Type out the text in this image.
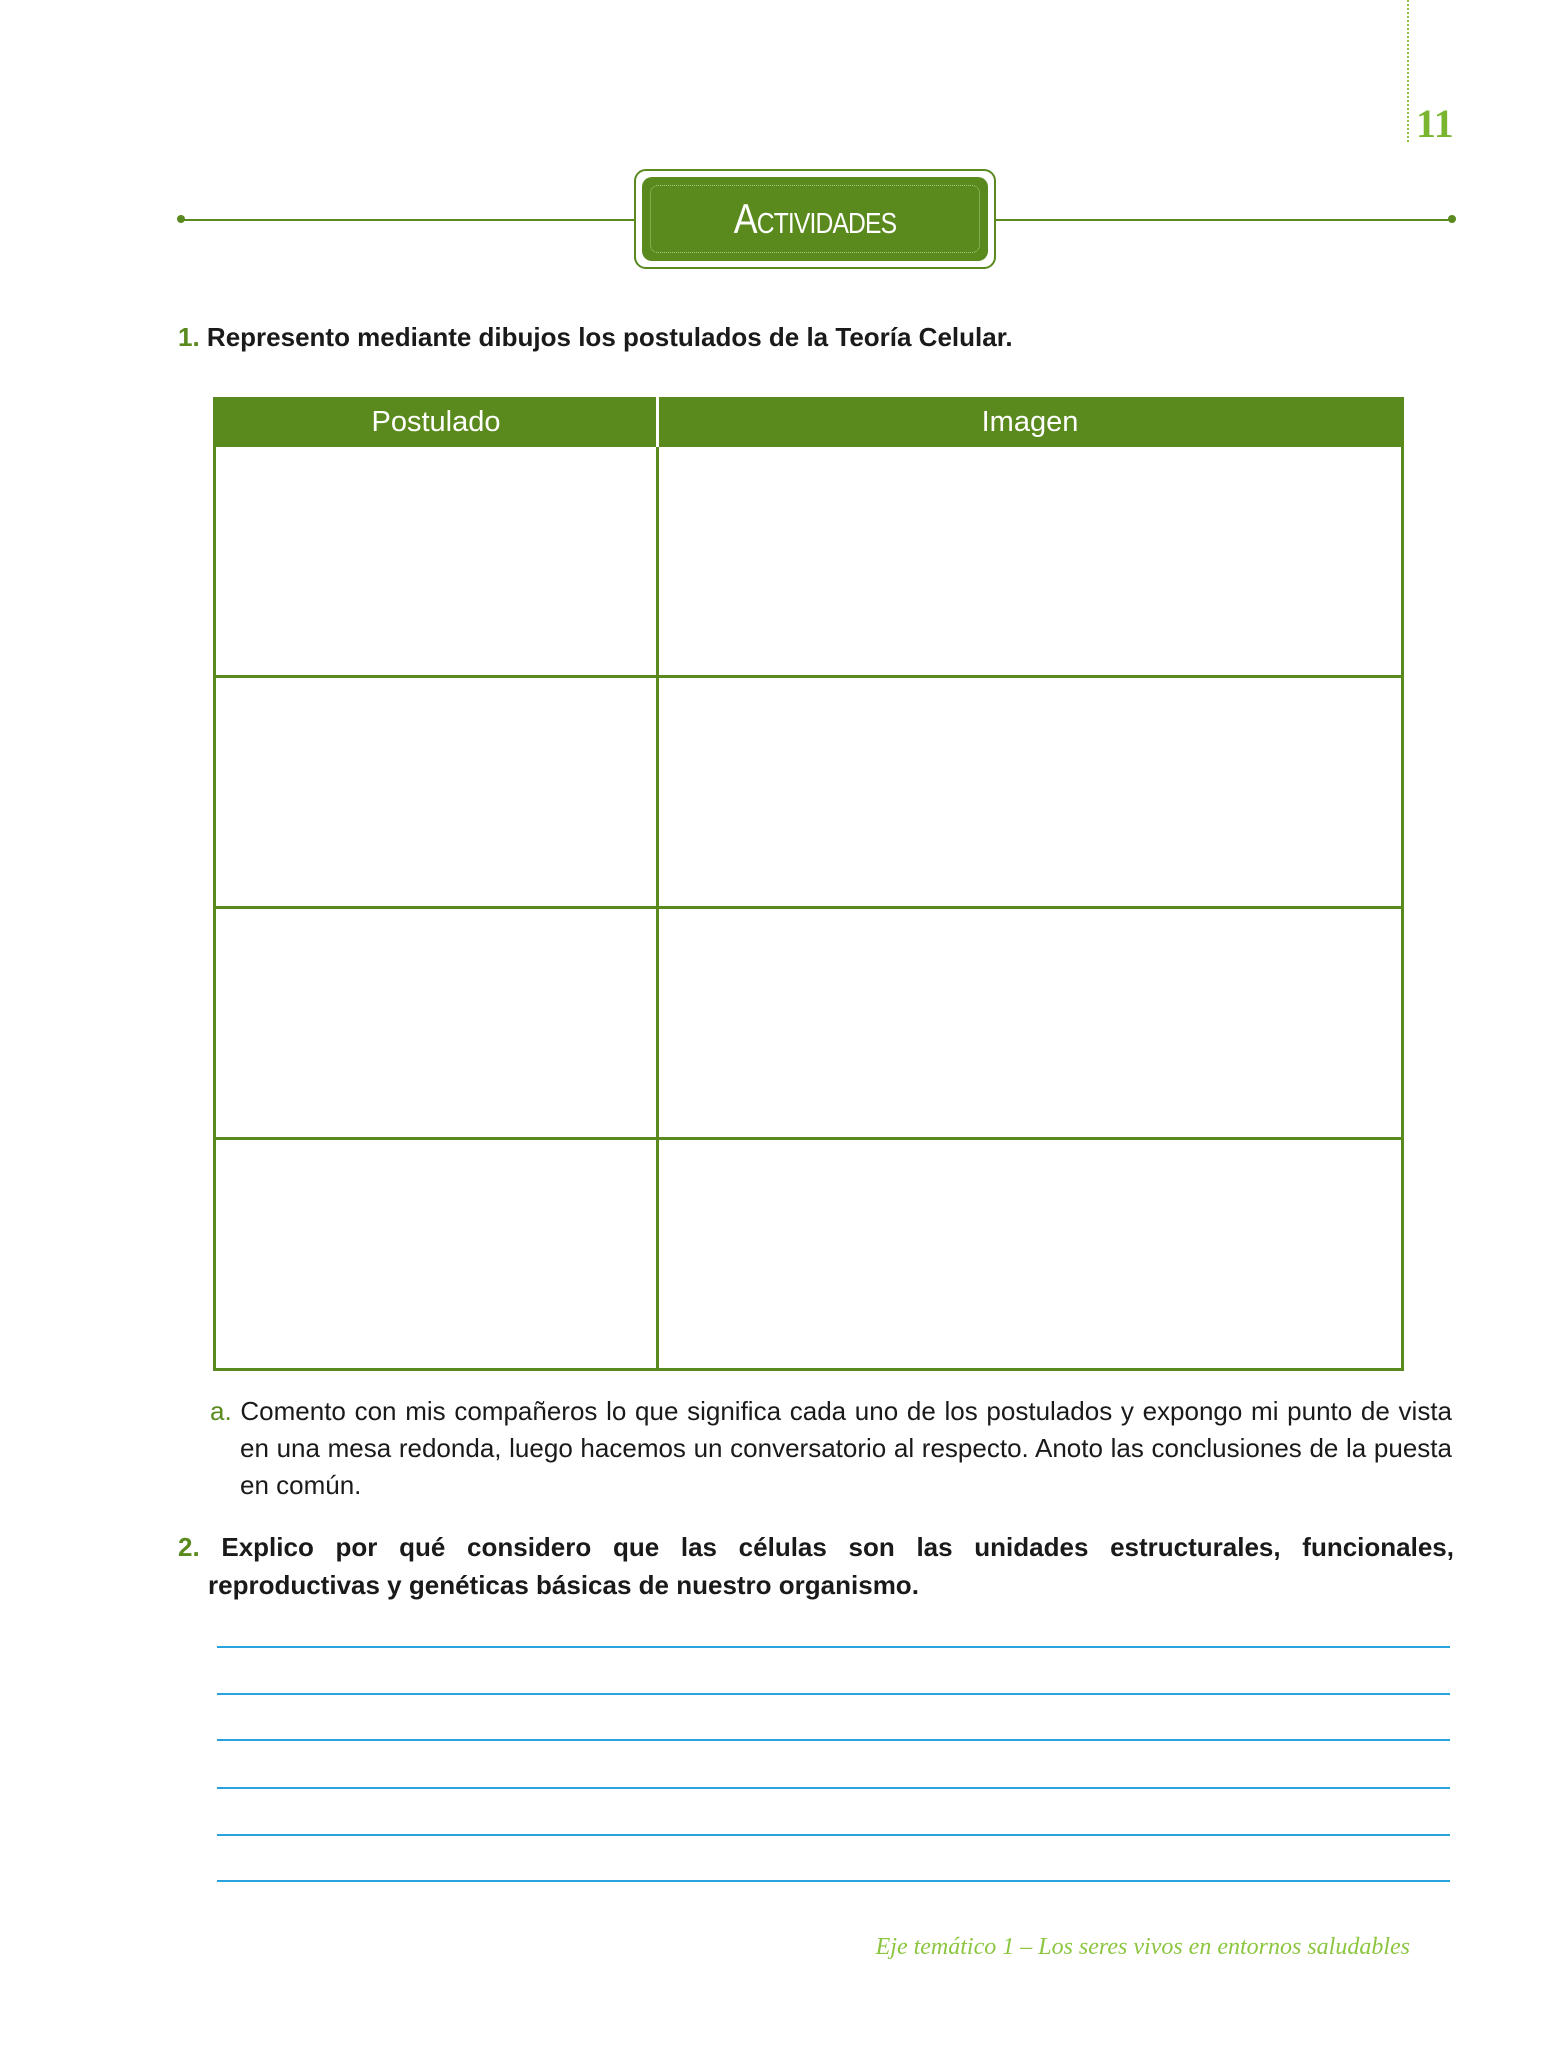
11
Actividades
1. Represento mediante dibujos los postulados de la Teoría Celular.
Postulado	Imagen

a. Comento con mis compañeros lo que significa cada uno de los postulados y expongo mi punto de vista en una mesa redonda, luego hacemos un conversatorio al respecto. Anoto las conclusiones de la puesta en común.
2. Explico por qué considero que las células son las unidades estructurales, funcionales, reproductivas y genéticas básicas de nuestro organismo.
Eje temático 1 – Los seres vivos en entornos saludables
